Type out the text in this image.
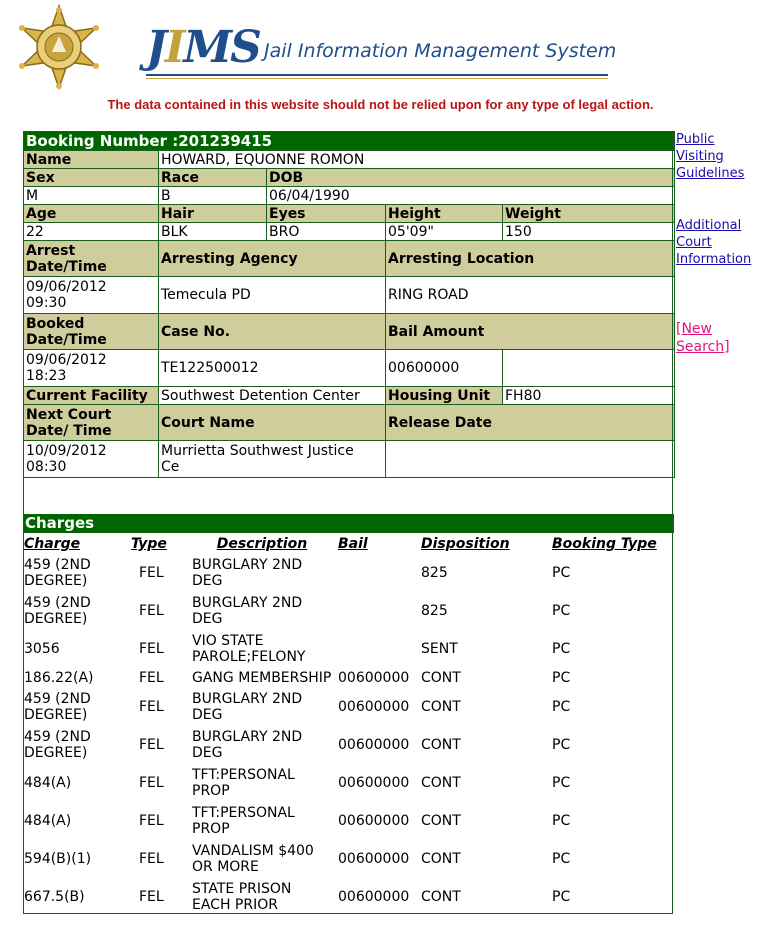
JIMS Jail Information Management System
The data contained in this website should not be relied upon for any type of legal action.
Booking Number :201239415				
Name	HOWARD, EQUONNE ROMON			
Sex	Race	DOB		
M	B	06/04/1990		
Age	Hair	Eyes	Height	Weight
22	BLK	BRO	05'09"	150
Arrest
Date/Time	Arresting Agency		Arresting Location	
09/06/2012
09:30	Temecula PD		RING ROAD	
Booked
Date/Time	Case No.		Bail Amount	
09/06/2012
18:23	TE122500012		00600000	
Current Facility	Southwest Detention Center		Housing Unit	FH80
Next Court
Date/ Time	Court Name		Release Date	
10/09/2012
08:30	Murrietta Southwest Justice
Ce			
Charges
Charge	Type	Description	Bail	Disposition	Booking Type
459 (2ND
DEGREE)	FEL	BURGLARY 2ND
DEG		825	PC
459 (2ND
DEGREE)	FEL	BURGLARY 2ND
DEG		825	PC
3056	FEL	VIO STATE
PAROLE;FELONY		SENT	PC
186.22(A)	FEL	GANG MEMBERSHIP	00600000	CONT	PC
459 (2ND
DEGREE)	FEL	BURGLARY 2ND
DEG	00600000	CONT	PC
459 (2ND
DEGREE)	FEL	BURGLARY 2ND
DEG	00600000	CONT	PC
484(A)	FEL	TFT:PERSONAL
PROP	00600000	CONT	PC
484(A)	FEL	TFT:PERSONAL
PROP	00600000	CONT	PC
594(B)(1)	FEL	VANDALISM $400
OR MORE	00600000	CONT	PC
667.5(B)	FEL	STATE PRISON
EACH PRIOR	00600000	CONT	PC
Public
Visiting
Guidelines
Additional
Court
Information
[New
Search]
